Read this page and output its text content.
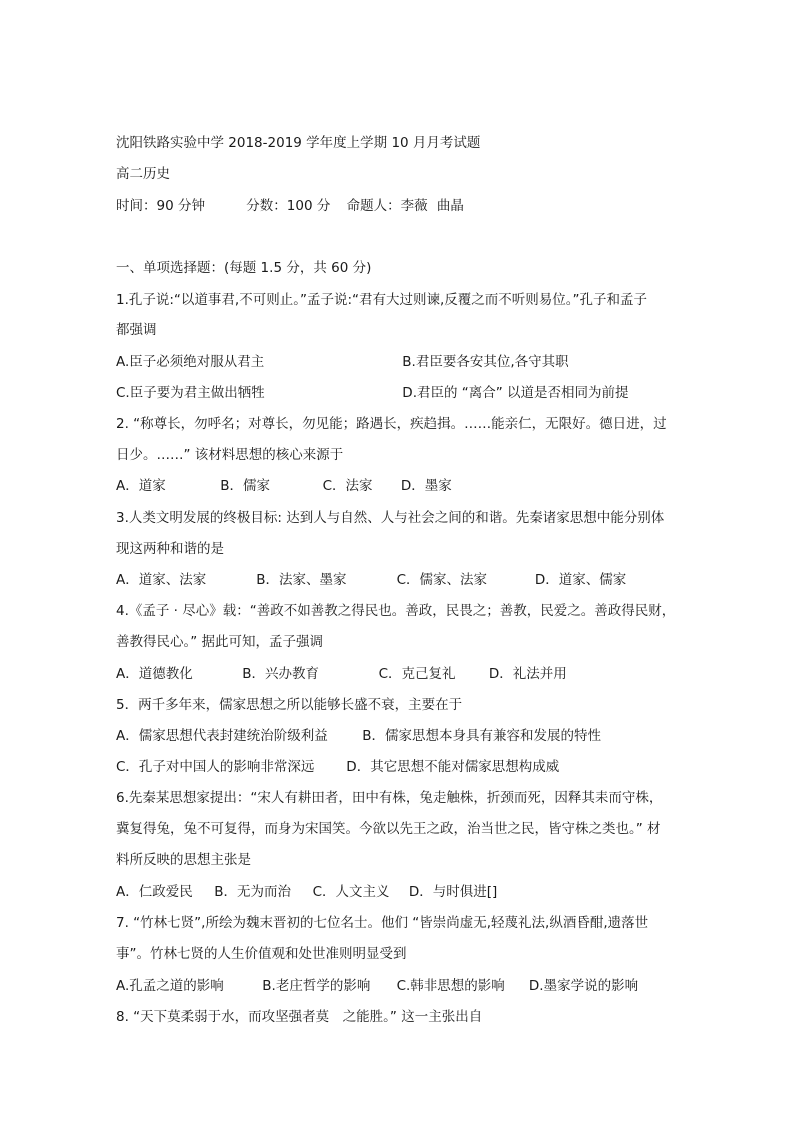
沈阳铁路实验中学 2018-2019 学年度上学期 10 月月考试题
高二历史
时间：90 分钟	分数：100 分 命题人：李薇 曲晶
一、单项选择题：(每题 1.5 分，共 60 分)
1.孔子说:“以道事君,不可则止。”孟子说:“君有大过则谏,反覆之而不听则易位。”孔子和孟子
都强调
A.臣子必须绝对服从君主	B.君臣要各安其位,各守其职
C.臣子要为君主做出牺牲	D.君臣的 “离合” 以道是否相同为前提
2. “称尊长，勿呼名；对尊长，勿见能；路遇长，疾趋揖。……能亲仁，无限好。德日进，过
日少。……” 该材料思想的核心来源于
A．道家	B．儒家	C．法家 D．墨家
3.人类文明发展的终极目标: 达到人与自然、人与社会之间的和谐。先秦诸家思想中能分别体
现这两种和谐的是
A．道家、法家	B．法家、墨家	C．儒家、法家	D．道家、儒家
4.《孟子 · 尽心》载：“善政不如善教之得民也。善政，民畏之；善教，民爱之。善政得民财，
善教得民心。” 据此可知，孟子强调
A．道德教化	B．兴办教育	C．克己复礼 D．礼法并用
5．两千多年来，儒家思想之所以能够长盛不衰，主要在于
A．儒家思想代表封建统治阶级利益	B．儒家思想本身具有兼容和发展的特性
C．孔子对中国人的影响非常深远 D．其它思想不能对儒家思想构成威
6.先秦某思想家提出：“宋人有耕田者，田中有株，兔走触株，折颈而死，因释其耒而守株，
冀复得兔，兔不可复得，而身为宋国笑。今欲以先王之政，治当世之民，皆守株之类也。” 材
料所反映的思想主张是
A．仁政爱民 B．无为而治 C．人文主义 D．与时俱进[]
7. “竹林七贤”,所绘为魏末晋初的七位名士。他们 “皆崇尚虚无,轻蔑礼法,纵酒昏酣,遗落世
事”。竹林七贤的人生价值观和处世准则明显受到
A.孔孟之道的影响	B.老庄哲学的影响 C.韩非思想的影响 D.墨家学说的影响
8. “天下莫柔弱于水，而攻坚强者莫　之能胜。” 这一主张出自
